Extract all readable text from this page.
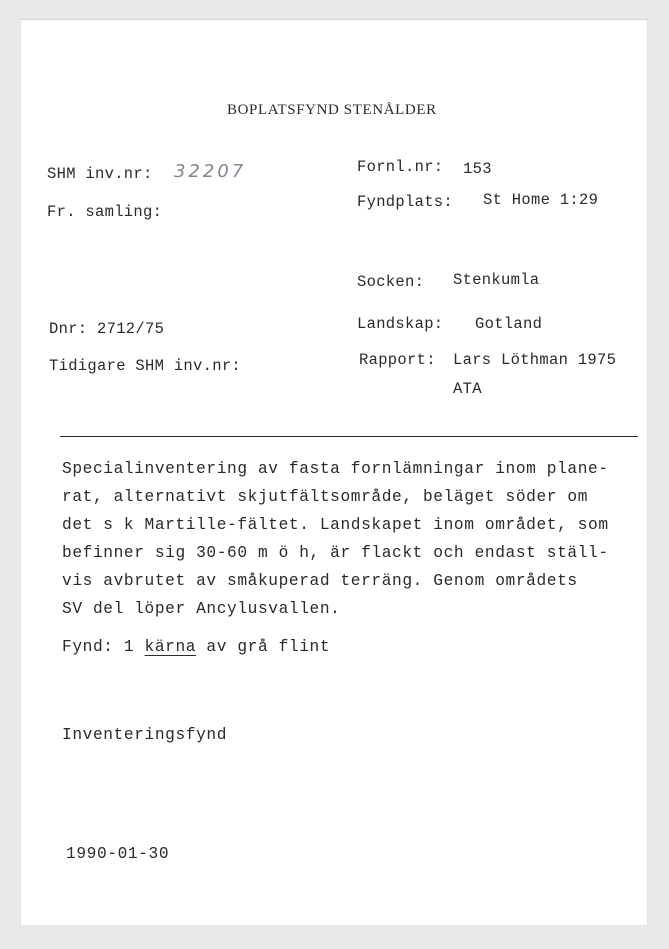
BOPLATSFYND STENÅLDER
SHM inv.nr: 32207
Fr. samling:
Dnr: 2712/75
Tidigare SHM inv.nr:
Fornl.nr: 153
Fyndplats: St Home 1:29
Socken: Stenkumla
Landskap: Gotland
Rapport: Lars Löthman 1975
ATA
Specialinventering av fasta fornlämningar inom plane-
rat, alternativt skjutfältsområde, beläget söder om
det s k Martille-fältet. Landskapet inom området, som
befinner sig 30-60 m ö h, är flackt och endast ställ-
vis avbrutet av småkuperad terräng. Genom områdets
SV del löper Ancylusvallen.
Fynd: 1 kärna av grå flint
Inventeringsfynd
1990-01-30
